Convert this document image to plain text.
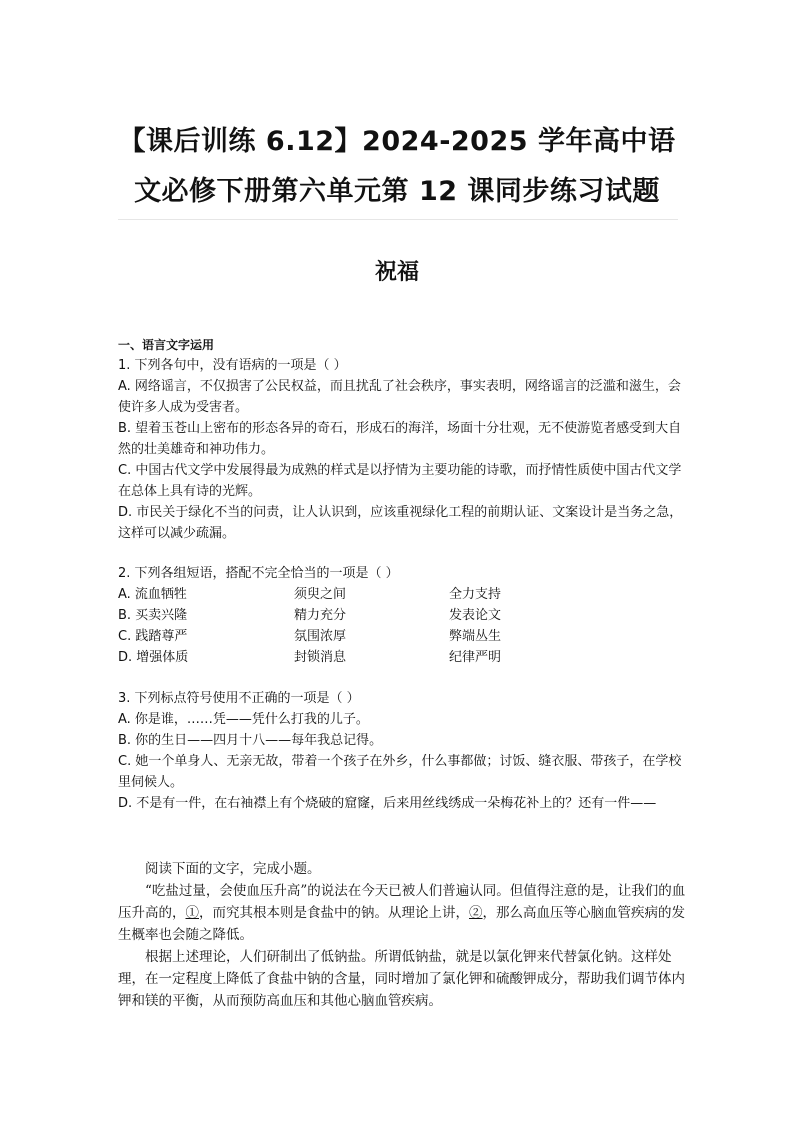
【课后训练 6.12】2024-2025 学年高中语
文必修下册第六单元第 12 课同步练习试题
祝福
一、语言文字运用

1. 下列各句中，没有语病的一项是（ ）

A. 网络谣言，不仅损害了公民权益，而且扰乱了社会秩序，事实表明，网络谣言的泛滥和滋生，会使许多人成为受害者。

B. 望着玉苍山上密布的形态各异的奇石，形成石的海洋，场面十分壮观，无不使游览者感受到大自然的壮美雄奇和神功伟力。

C. 中国古代文学中发展得最为成熟的样式是以抒情为主要功能的诗歌，而抒情性质使中国古代文学在总体上具有诗的光辉。

D. 市民关于绿化不当的问责，让人认识到，应该重视绿化工程的前期认证、文案设计是当务之急，这样可以减少疏漏。

2. 下列各组短语，搭配不完全恰当的一项是（ ）

A. 流血牺牲	须臾之间	全力支持
B. 买卖兴隆	精力充分	发表论文
C. 践踏尊严	氛围浓厚	弊端丛生
D. 增强体质	封锁消息	纪律严明

3. 下列标点符号使用不正确的一项是（ ）

A. 你是谁，……凭——凭什么打我的儿子。

B. 你的生日——四月十八——每年我总记得。

C. 她一个单身人、无亲无故，带着一个孩子在外乡，什么事都做；讨饭、缝衣服、带孩子，在学校里伺候人。

D. 不是有一件，在右袖襟上有个烧破的窟窿，后来用丝线绣成一朵梅花补上的？还有一件——

阅读下面的文字，完成小题。

“吃盐过量，会使血压升高”的说法在今天已被人们普遍认同。但值得注意的是，让我们的血压升高的，①，而究其根本则是食盐中的钠。从理论上讲，②，那么高血压等心脑血管疾病的发生概率也会随之降低。

根据上述理论，人们研制出了低钠盐。所谓低钠盐，就是以氯化钾来代替氯化钠。这样处理，在一定程度上降低了食盐中钠的含量，同时增加了氯化钾和硫酸钾成分，帮助我们调节体内钾和镁的平衡，从而预防高血压和其他心脑血管疾病。
